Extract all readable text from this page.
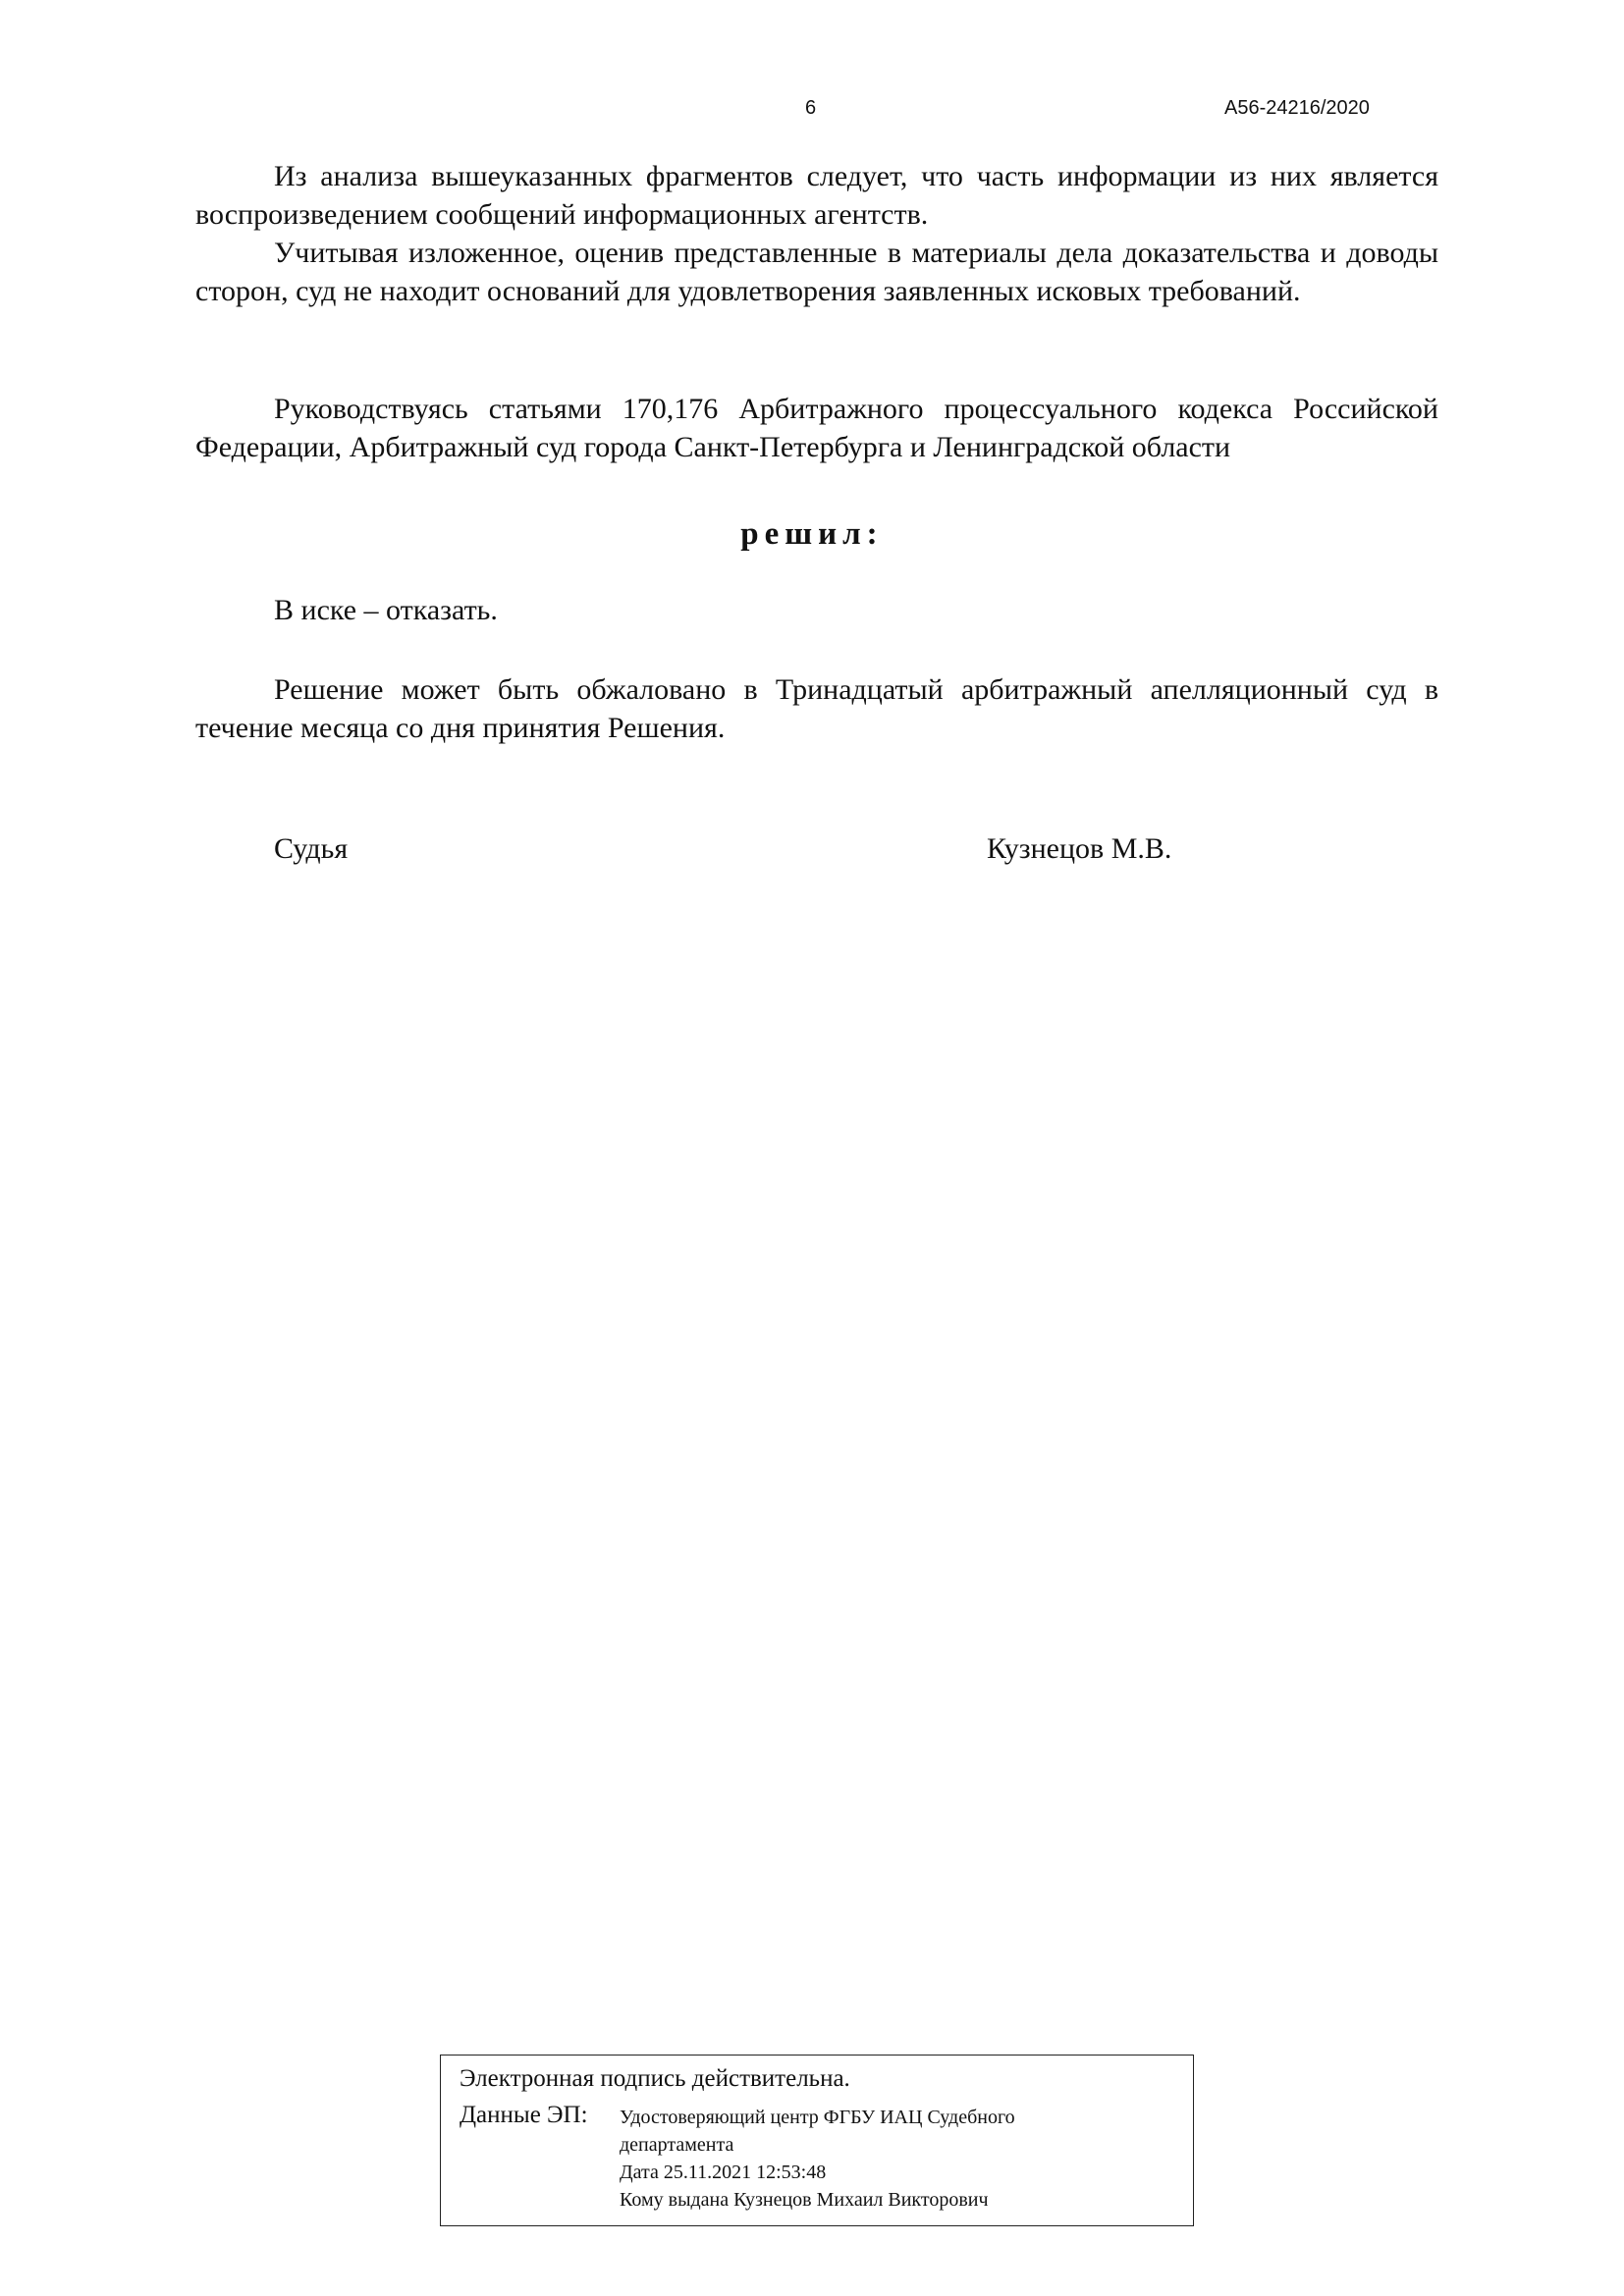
6	А56-24216/2020

Из анализа вышеуказанных фрагментов следует, что часть информации из них является воспроизведением сообщений информационных агентств.

Учитывая изложенное, оценив представленные в материалы дела доказательства и доводы сторон, суд не находит оснований для удовлетворения заявленных исковых требований.

Руководствуясь статьями 170,176 Арбитражного процессуального кодекса Российской Федерации, Арбитражный суд города Санкт-Петербурга и Ленинградской области

решил:

В иске – отказать.

Решение может быть обжаловано в Тринадцатый арбитражный апелляционный суд в течение месяца со дня принятия Решения.

Судья	Кузнецов М.В.
Электронная подпись действительна.
Данные ЭП: Удостоверяющий центр ФГБУ ИАЦ Судебного
департамента
Дата 25.11.2021 12:53:48
Кому выдана Кузнецов Михаил Викторович
